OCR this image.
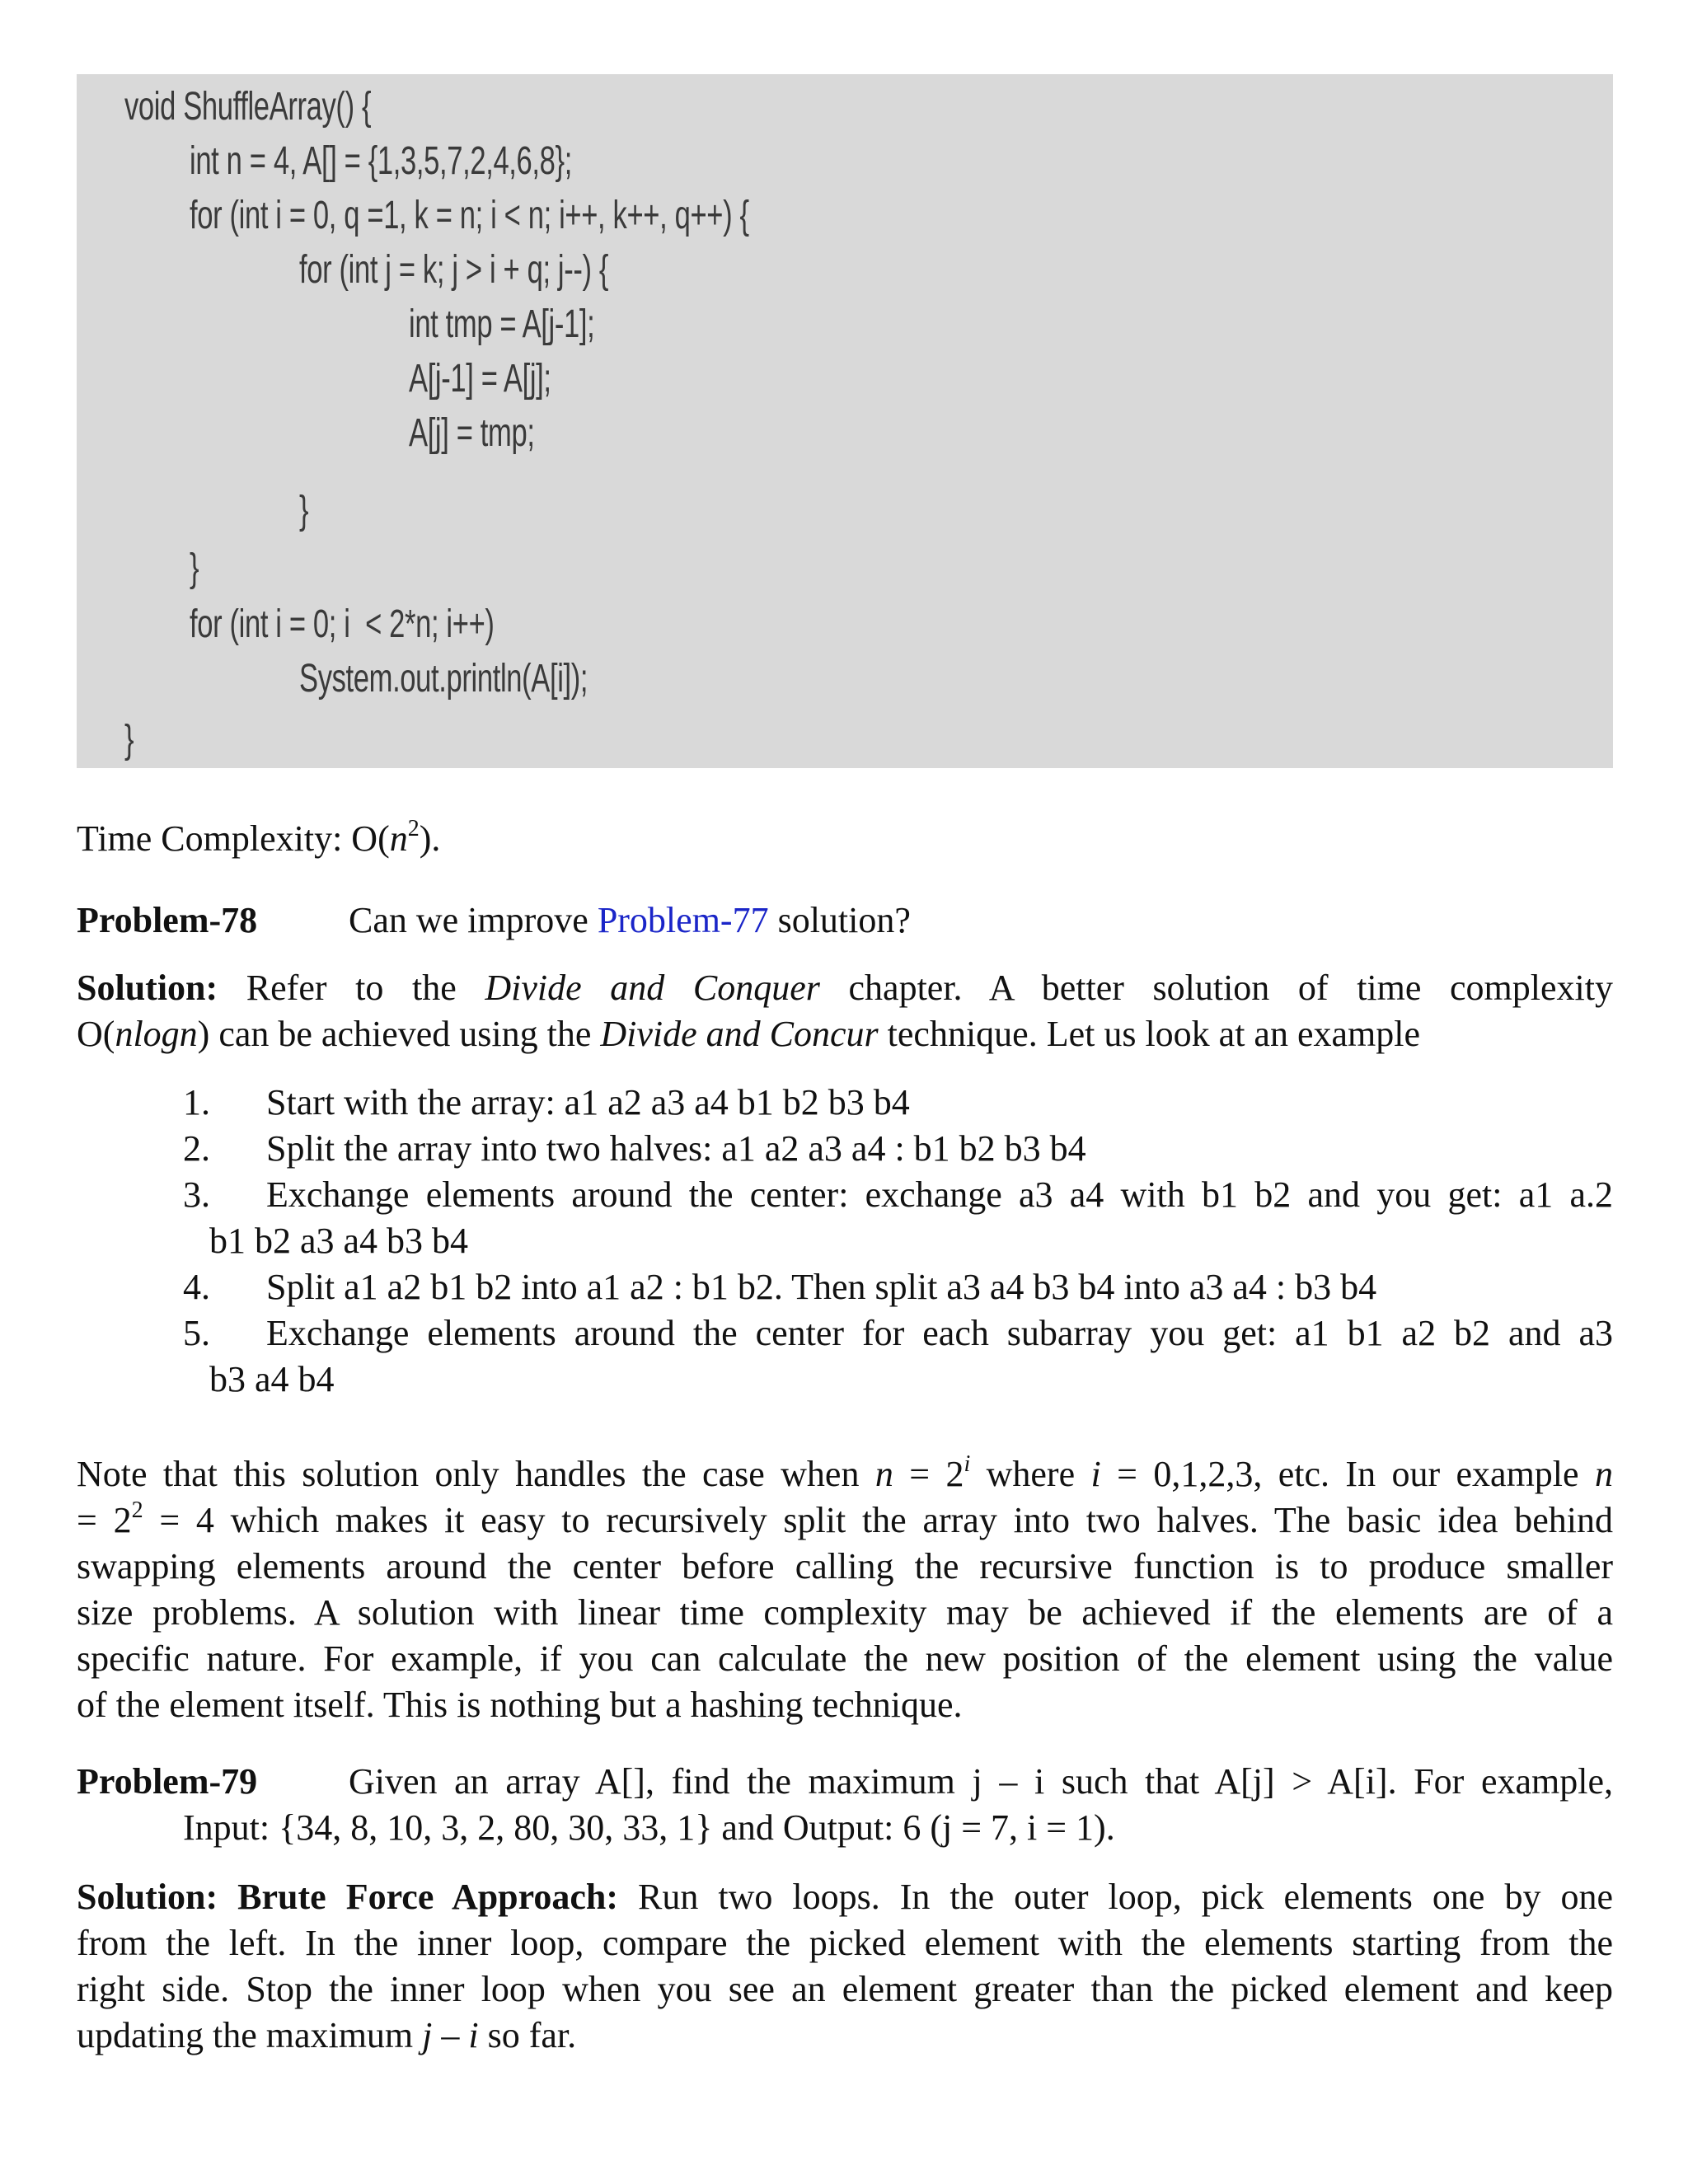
void ShuffleArray() {
int n = 4, A[] = {1,3,5,7,2,4,6,8};
for (int i = 0, q =1, k = n; i < n; i++, k++, q++) {
for (int j = k; j > i + q; j--) {
int tmp = A[j-1];
A[j-1] = A[j];
A[j] = tmp;
}
}
for (int i = 0; i  < 2*n; i++)
System.out.println(A[i]);
}
Time Complexity: $O(n^2)$.
Problem-78	Can we improve Problem-77 solution?
Solution: Refer to the Divide and Conquer chapter. A better solution of time complexity
O(nlogn) can be achieved using the Divide and Concur technique. Let us look at an example
1. Start with the array: a1 a2 a3 a4 b1 b2 b3 b4
2. Split the array into two halves: a1 a2 a3 a4 : b1 b2 b3 b4
3. Exchange elements around the center: exchange a3 a4 with b1 b2 and you get: a1 a.2
b1 b2 a3 a4 b3 b4
4. Split a1 a2 b1 b2 into a1 a2 : b1 b2. Then split a3 a4 b3 b4 into a3 a4 : b3 b4
5. Exchange elements around the center for each subarray you get: a1 b1 a2 b2 and a3
b3 a4 b4
Note that this solution only handles the case when $n = 2^i$ where i = 0,1,2,3, etc. In our example n
= $2^2 = 4$ which makes it easy to recursively split the array into two halves. The basic idea behind
swapping elements around the center before calling the recursive function is to produce smaller
size problems. A solution with linear time complexity may be achieved if the elements are of a
specific nature. For example, if you can calculate the new position of the element using the value
of the element itself. This is nothing but a hashing technique.
Problem-79	Given an array A[], find the maximum j – i such that A[j] > A[i]. For example,
Input: {34, 8, 10, 3, 2, 80, 30, 33, 1} and Output: 6 (j = 7, i = 1).
Solution: Brute Force Approach: Run two loops. In the outer loop, pick elements one by one
from the left. In the inner loop, compare the picked element with the elements starting from the
right side. Stop the inner loop when you see an element greater than the picked element and keep
updating the maximum j – i so far.
